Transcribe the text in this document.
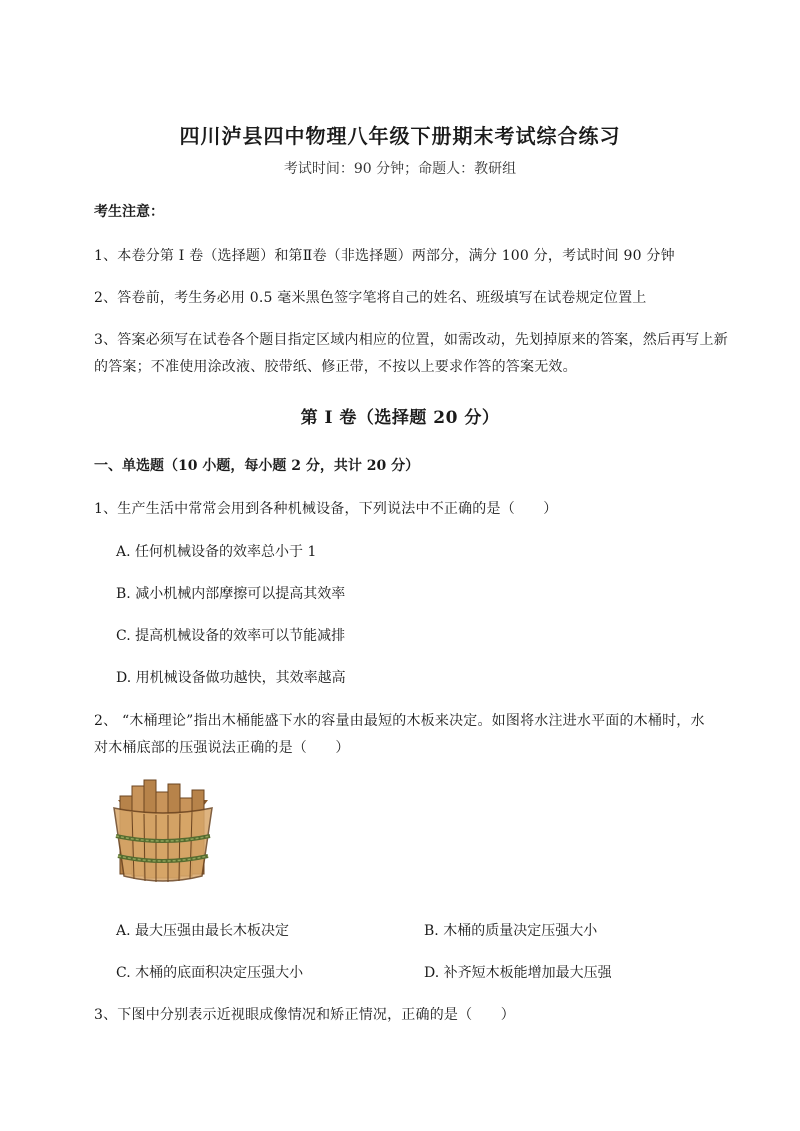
四川泸县四中物理八年级下册期末考试综合练习
考试时间：90 分钟；命题人：教研组
考生注意：
1、本卷分第 I 卷（选择题）和第Ⅱ卷（非选择题）两部分，满分 100 分，考试时间 90 分钟
2、答卷前，考生务必用 0.5 毫米黑色签字笔将自己的姓名、班级填写在试卷规定位置上
3、答案必须写在试卷各个题目指定区域内相应的位置，如需改动，先划掉原来的答案，然后再写上新
的答案；不准使用涂改液、胶带纸、修正带，不按以上要求作答的答案无效。
第 I 卷（选择题 20 分）
一、单选题（10 小题，每小题 2 分，共计 20 分）
1、生产生活中常常会用到各种机械设备，下列说法中不正确的是（　　）
A. 任何机械设备的效率总小于 1
B. 减小机械内部摩擦可以提高其效率
C. 提高机械设备的效率可以节能减排
D. 用机械设备做功越快，其效率越高
2、 “木桶理论”指出木桶能盛下水的容量由最短的木板来决定。如图将水注进水平面的木桶时，水
对木桶底部的压强说法正确的是（　　）
A. 最大压强由最长木板决定	B. 木桶的质量决定压强大小
C. 木桶的底面积决定压强大小	D. 补齐短木板能增加最大压强
3、下图中分别表示近视眼成像情况和矫正情况，正确的是（　　）
